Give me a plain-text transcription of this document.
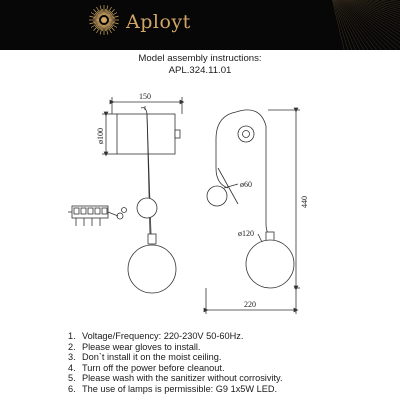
Aployt
Model assembly instructions:
APL.324.11.01
150
ø100
ø60
440
ø120
220
1. Voltage/Frequency: 220-230V 50-60Hz.
2. Please wear gloves to install.
3. Don`t install it on the moist ceiling.
4. Turn off the power before cleanout.
5. Please wash with the sanitizer without corrosivity.
6. The use of lamps is permissible: G9 1x5W LED.
